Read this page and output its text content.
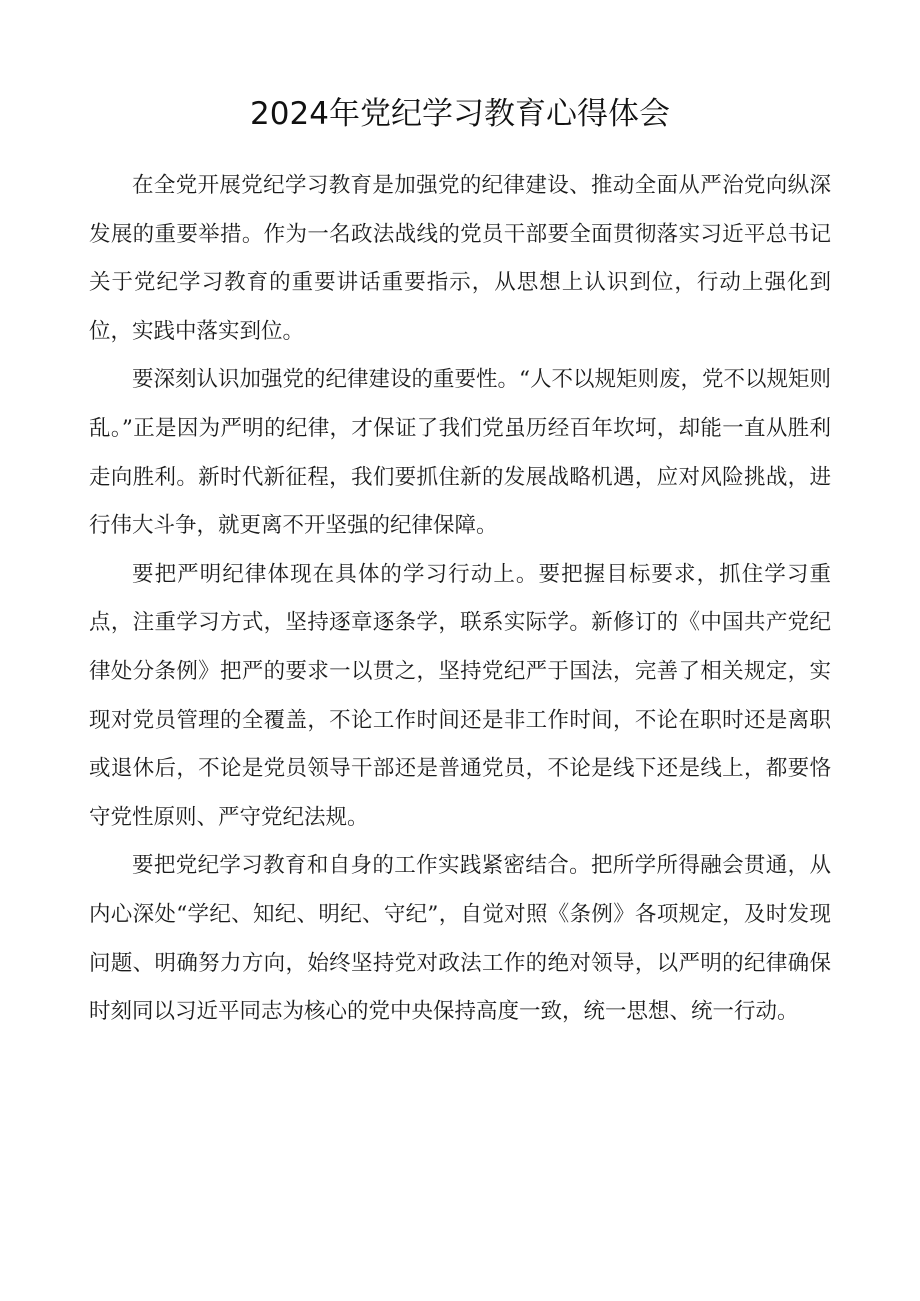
2024年党纪学习教育心得体会

在全党开展党纪学习教育是加强党的纪律建设、推动全面从严治党向纵深发展的重要举措。作为一名政法战线的党员干部要全面贯彻落实习近平总书记关于党纪学习教育的重要讲话重要指示，从思想上认识到位，行动上强化到位，实践中落实到位。

要深刻认识加强党的纪律建设的重要性。“人不以规矩则废，党不以规矩则乱。”正是因为严明的纪律，才保证了我们党虽历经百年坎坷，却能一直从胜利走向胜利。新时代新征程，我们要抓住新的发展战略机遇，应对风险挑战，进行伟大斗争，就更离不开坚强的纪律保障。

要把严明纪律体现在具体的学习行动上。要把握目标要求，抓住学习重点，注重学习方式，坚持逐章逐条学，联系实际学。新修订的《中国共产党纪律处分条例》把严的要求一以贯之，坚持党纪严于国法，完善了相关规定，实现对党员管理的全覆盖，不论工作时间还是非工作时间，不论在职时还是离职或退休后，不论是党员领导干部还是普通党员，不论是线下还是线上，都要恪守党性原则、严守党纪法规。

要把党纪学习教育和自身的工作实践紧密结合。把所学所得融会贯通，从内心深处“学纪、知纪、明纪、守纪”，自觉对照《条例》各项规定，及时发现问题、明确努力方向，始终坚持党对政法工作的绝对领导，以严明的纪律确保时刻同以习近平同志为核心的党中央保持高度一致，统一思想、统一行动。
